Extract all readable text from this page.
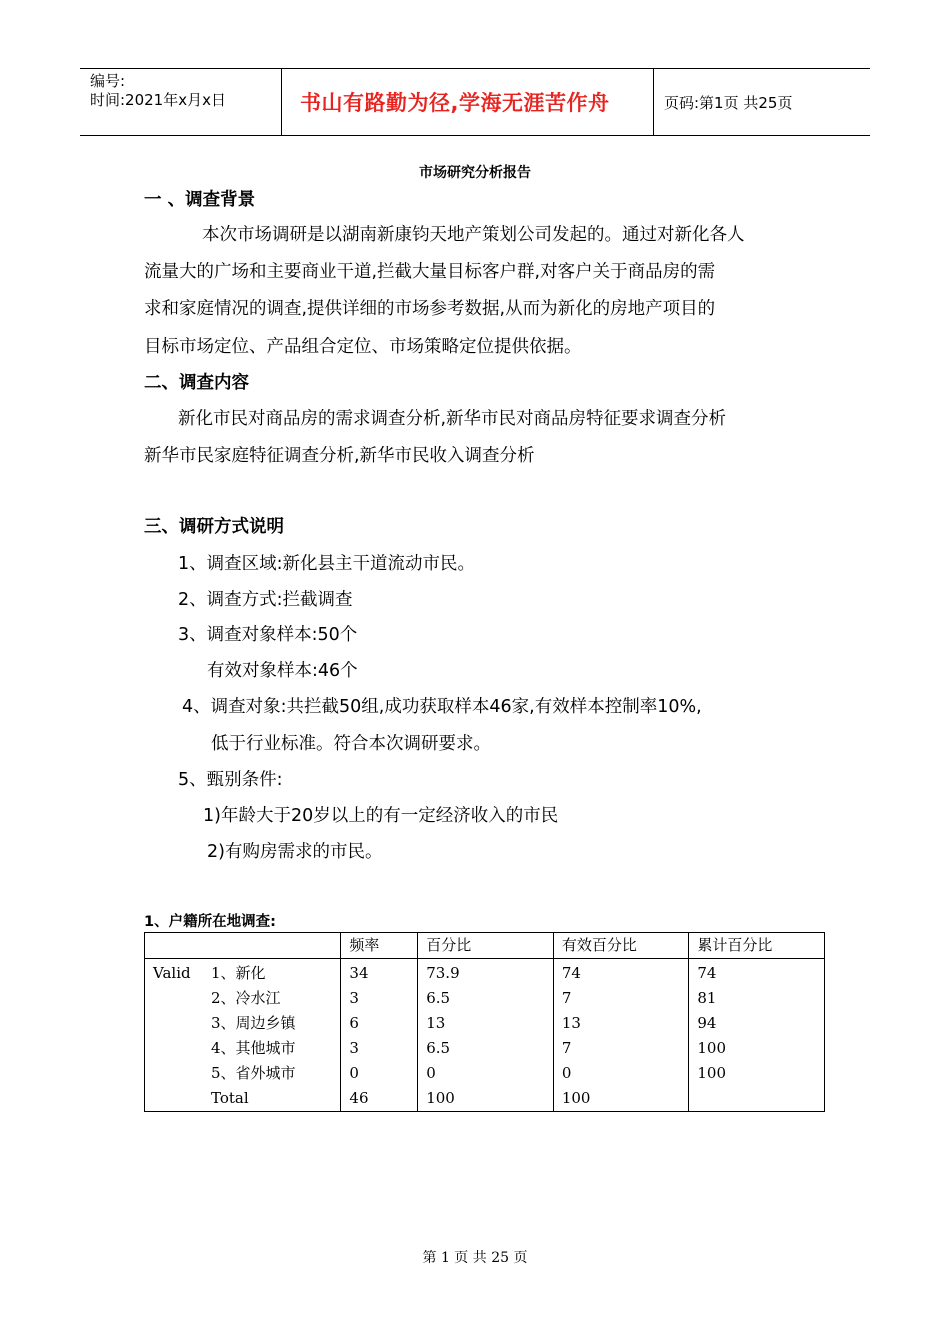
编号:
时间:2021年x月x日	书山有路勤为径,学海无涯苦作舟	页码:第1页 共25页
市场研究分析报告
一 、调查背景
本次市场调研是以湖南新康钧天地产策划公司发起的。通过对新化各人
流量大的广场和主要商业干道,拦截大量目标客户群,对客户关于商品房的需
求和家庭情况的调查,提供详细的市场参考数据,从而为新化的房地产项目的
目标市场定位、产品组合定位、市场策略定位提供依据。
二、调查内容
新化市民对商品房的需求调查分析,新华市民对商品房特征要求调查分析
新华市民家庭特征调查分析,新华市民收入调查分析
三、调研方式说明
1、调查区域:新化县主干道流动市民。
2、调查方式:拦截调查
3、调查对象样本:50个
有效对象样本:46个
4、调查对象:共拦截50组,成功获取样本46家,有效样本控制率10%,
低于行业标准。符合本次调研要求。
5、甄别条件:
1)年龄大于20岁以上的有一定经济收入的市民
2)有购房需求的市民。
1、户籍所在地调查:
	频率	百分比	有效百分比	累计百分比
Valid 1、新化	34	73.9	74	74
2、冷水江	3	6.5	7	81
3、周边乡镇	6	13	13	94
4、其他城市	3	6.5	7	100
5、省外城市	0	0	0	100
Total	46	100	100	
第 1 页 共 25 页
